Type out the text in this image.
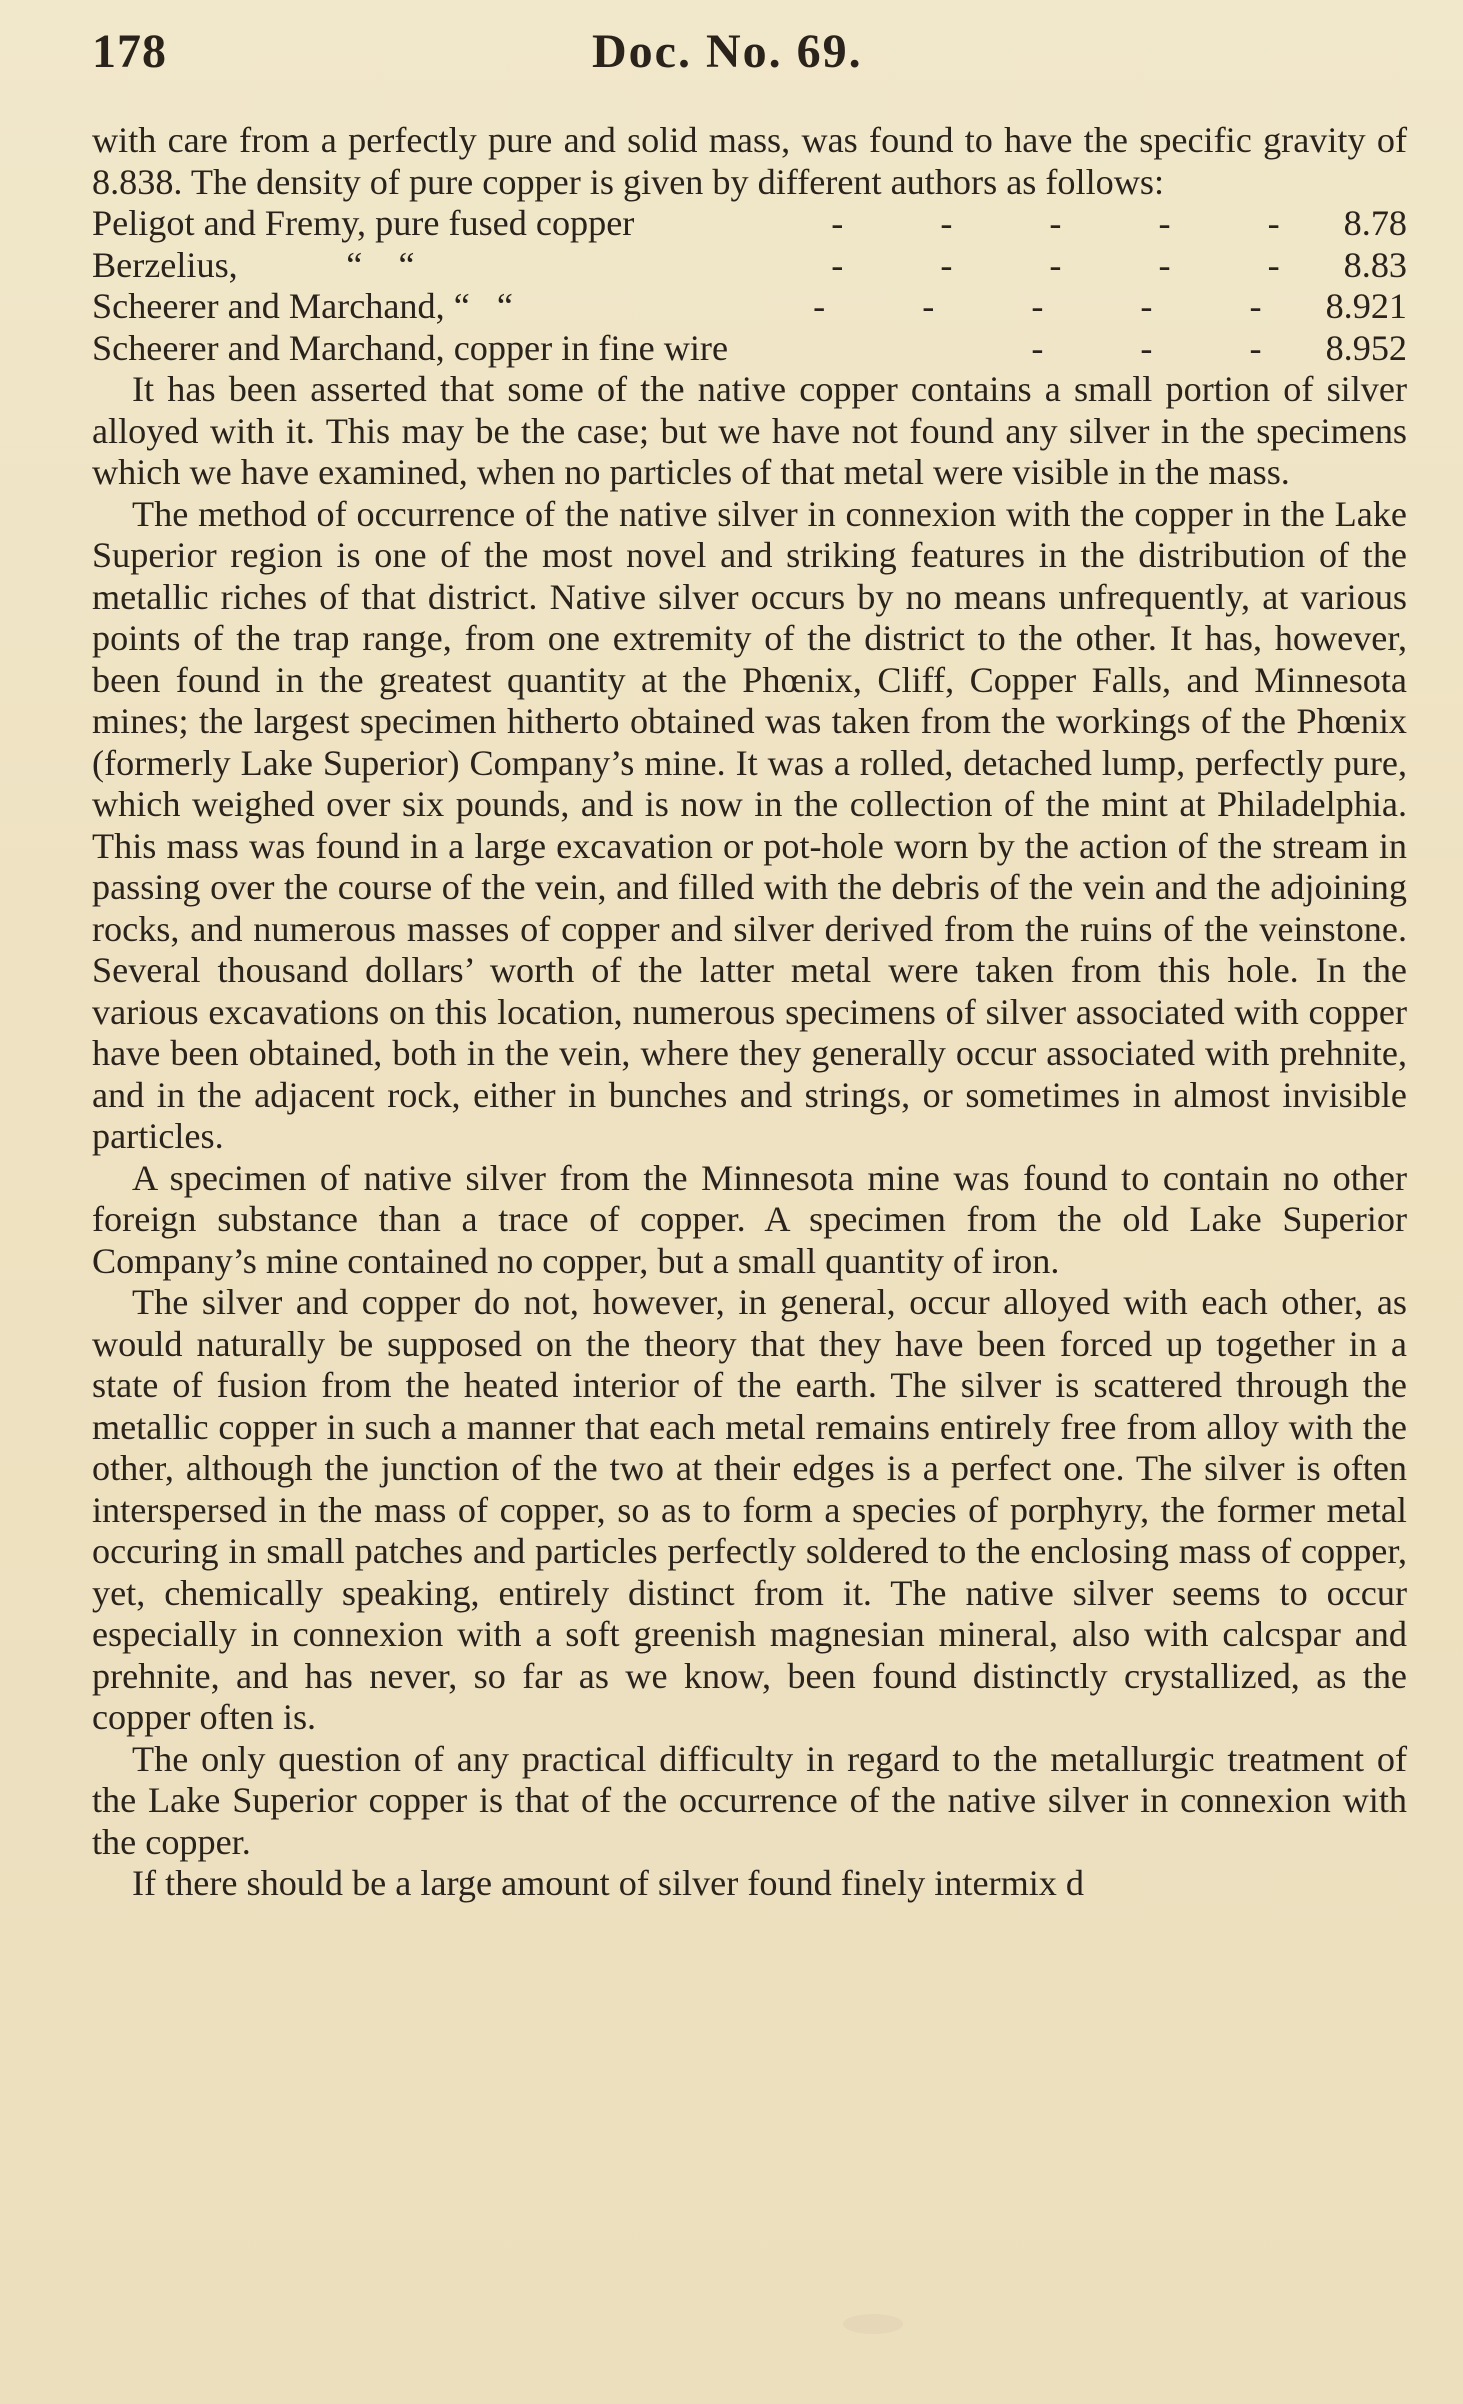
178	Doc. No. 69.

with care from a perfectly pure and solid mass, was found to have the specific gravity of 8.838. The density of pure copper is given by different authors as follows:

Peligot and Fremy, pure fused copper	- - - - - 8.78
Berzelius,            “    “	- - - - - 8.83
Scheerer and Marchand, “   “	- - - - - 8.921
Scheerer and Marchand, copper in fine wire	- - - 8.952

It has been asserted that some of the native copper contains a small portion of silver alloyed with it. This may be the case; but we have not found any silver in the specimens which we have examined, when no particles of that metal were visible in the mass.

The method of occurrence of the native silver in connexion with the copper in the Lake Superior region is one of the most novel and striking features in the distribution of the metallic riches of that district. Native silver occurs by no means unfrequently, at various points of the trap range, from one extremity of the district to the other. It has, however, been found in the greatest quantity at the Phœnix, Cliff, Copper Falls, and Minnesota mines; the largest specimen hitherto obtained was taken from the workings of the Phœnix (formerly Lake Superior) Company’s mine. It was a rolled, detached lump, perfectly pure, which weighed over six pounds, and is now in the collection of the mint at Philadelphia. This mass was found in a large excavation or pot-hole worn by the action of the stream in passing over the course of the vein, and filled with the debris of the vein and the adjoining rocks, and numerous masses of copper and silver derived from the ruins of the veinstone. Several thousand dollars’ worth of the latter metal were taken from this hole. In the various excavations on this location, numerous specimens of silver associated with copper have been obtained, both in the vein, where they generally occur associated with prehnite, and in the adjacent rock, either in bunches and strings, or sometimes in almost invisible particles.

A specimen of native silver from the Minnesota mine was found to contain no other foreign substance than a trace of copper. A specimen from the old Lake Superior Company’s mine contained no copper, but a small quantity of iron.

The silver and copper do not, however, in general, occur alloyed with each other, as would naturally be supposed on the theory that they have been forced up together in a state of fusion from the heated interior of the earth. The silver is scattered through the metallic copper in such a manner that each metal remains entirely free from alloy with the other, although the junction of the two at their edges is a perfect one. The silver is often interspersed in the mass of copper, so as to form a species of porphyry, the former metal occuring in small patches and particles perfectly soldered to the enclosing mass of copper, yet, chemically speaking, entirely distinct from it. The native silver seems to occur especially in connexion with a soft greenish magnesian mineral, also with calcspar and prehnite, and has never, so far as we know, been found distinctly crystallized, as the copper often is.

The only question of any practical difficulty in regard to the metallurgic treatment of the Lake Superior copper is that of the occurrence of the native silver in connexion with the copper.

If there should be a large amount of silver found finely intermix d
